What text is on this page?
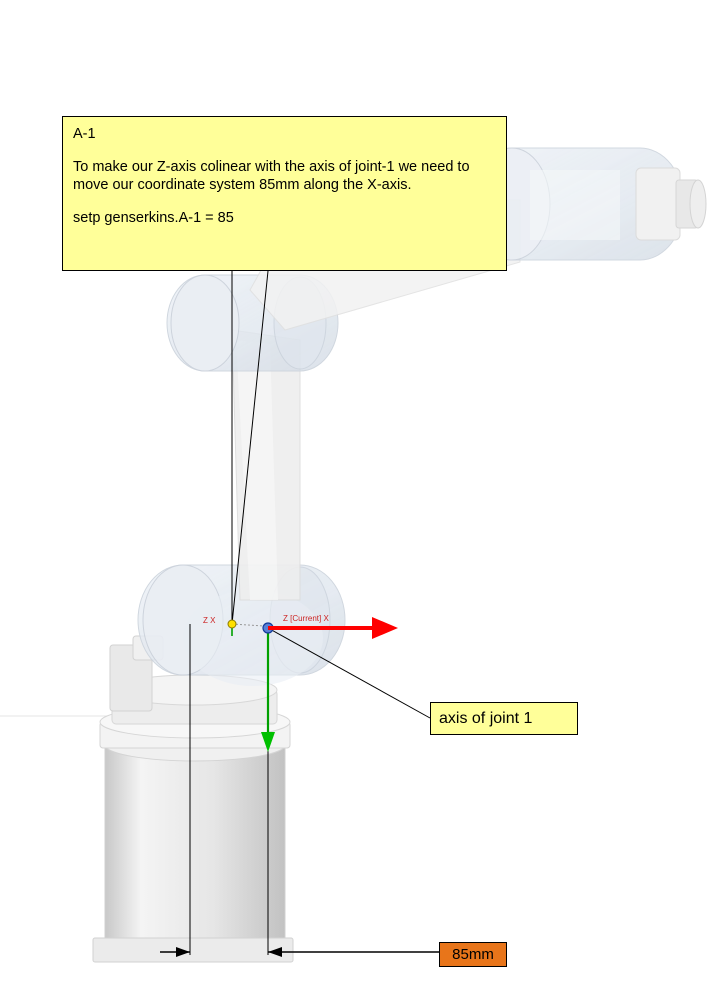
A-1
To make our Z-axis colinear with the axis of joint-1 we need to move our coordinate system 85mm along the X-axis.
setp genserkins.A-1 = 85
axis of joint 1
85mm
Z X	Z [Current] X
